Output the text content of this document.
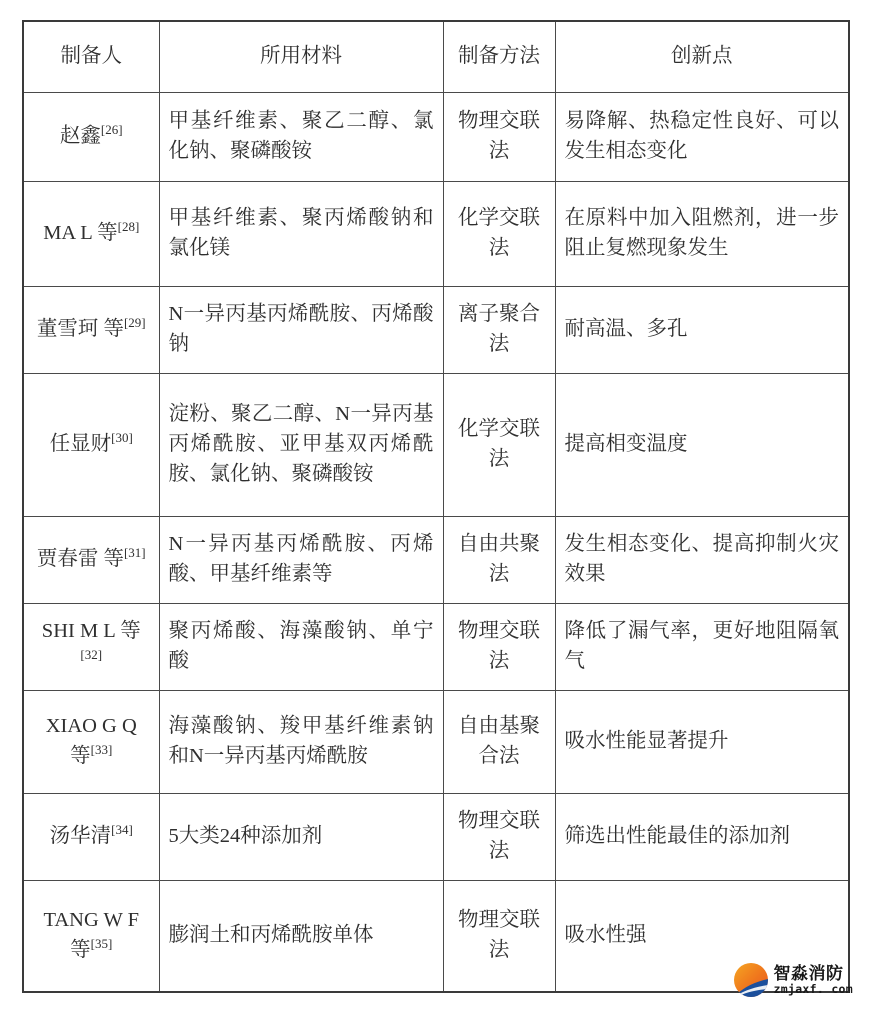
制备人	所用材料	制备方法	创新点
赵鑫[26]	甲基纤维素、聚乙二醇、氯化钠、聚磷酸铵	物理交联法	易降解、热稳定性良好、可以发生相态变化
MA L 等[28]	甲基纤维素、聚丙烯酸钠和氯化镁	化学交联法	在原料中加入阻燃剂，进一步阻止复燃现象发生
董雪珂 等[29]	N一异丙基丙烯酰胺、丙烯酸钠	离子聚合法	耐高温、多孔
任显财[30]	淀粉、聚乙二醇、N一异丙基丙烯酰胺、亚甲基双丙烯酰胺、氯化钠、聚磷酸铵	化学交联法	提高相变温度
贾春雷 等[31]	N一异丙基丙烯酰胺、丙烯酸、甲基纤维素等	自由共聚法	发生相态变化、提高抑制火灾效果
SHI M L 等[32]	聚丙烯酸、海藻酸钠、单宁酸	物理交联法	降低了漏气率，更好地阻隔氧气
XIAO G Q 等[33]	海藻酸钠、羧甲基纤维素钠和N一异丙基丙烯酰胺	自由基聚合法	吸水性能显著提升
汤华清[34]	5大类24种添加剂	物理交联法	筛选出性能最佳的添加剂
TANG W F 等[35]	膨润土和丙烯酰胺单体	物理交联法	吸水性强
智淼消防
zmjaxf. com
